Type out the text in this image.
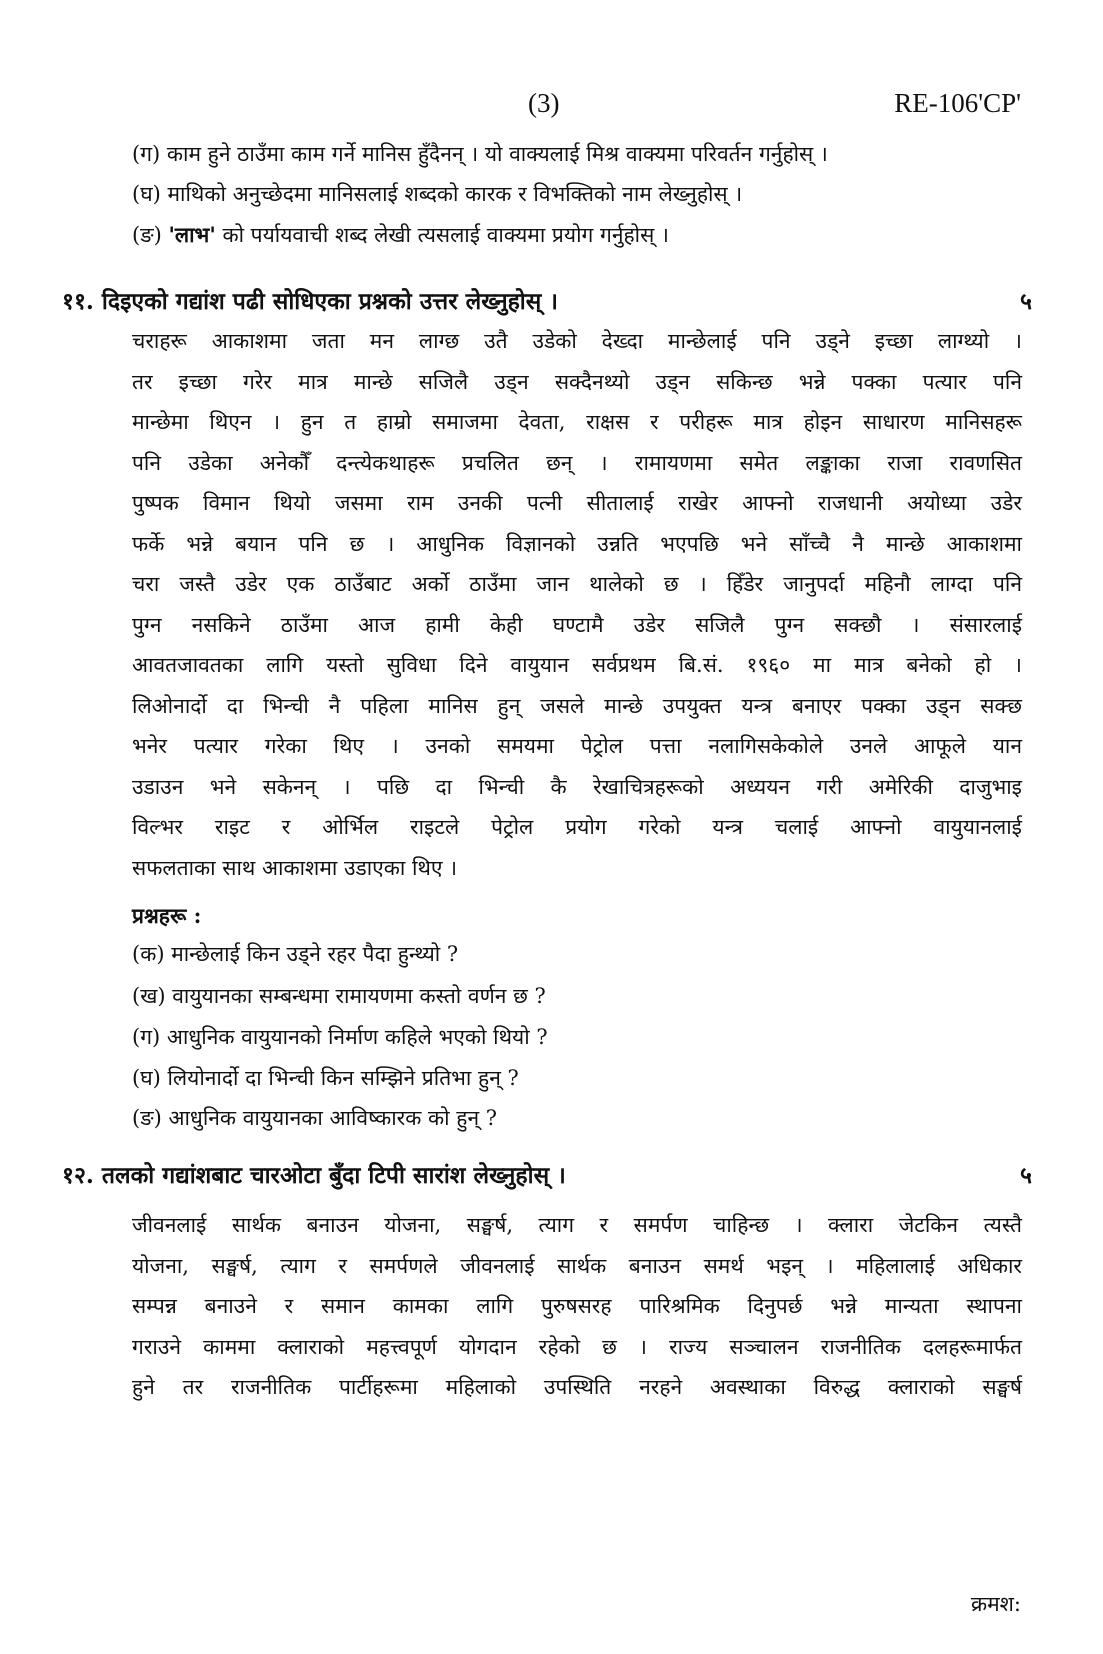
(3)	RE-106'CP'
(ग) काम हुने ठाउँमा काम गर्ने मानिस हुँदैनन् । यो वाक्यलाई मिश्र वाक्यमा परिवर्तन गर्नुहोस् ।
(घ) माथिको अनुच्छेदमा मानिसलाई शब्दको कारक र विभक्तिको नाम लेख्नुहोस् ।
(ङ) 'लाभ' को पर्यायवाची शब्द लेखी त्यसलाई वाक्यमा प्रयोग गर्नुहोस् ।
११. दिइएको गद्यांश पढी सोधिएका प्रश्नको उत्तर लेख्नुहोस् ।	५
चराहरू आकाशमा जता मन लाग्छ उतै उडेको देख्दा मान्छेलाई पनि उड्ने इच्छा लाग्थ्यो ।
तर इच्छा गरेर मात्र मान्छे सजिलै उड्न सक्दैनथ्यो उड्न सकिन्छ भन्ने पक्का पत्यार पनि
मान्छेमा थिएन । हुन त हाम्रो समाजमा देवता, राक्षस र परीहरू मात्र होइन साधारण मानिसहरू
पनि उडेका अनेकौँ दन्त्येकथाहरू प्रचलित छन् । रामायणमा समेत लङ्काका राजा रावणसित
पुष्पक विमान थियो जसमा राम उनकी पत्नी सीतालाई राखेर आफ्नो राजधानी अयोध्या उडेर
फर्के भन्ने बयान पनि छ । आधुनिक विज्ञानको उन्नति भएपछि भने साँच्चै नै मान्छे आकाशमा
चरा जस्तै उडेर एक ठाउँबाट अर्को ठाउँमा जान थालेको छ । हिँडेर जानुपर्दा महिनौ लाग्दा पनि
पुग्न नसकिने ठाउँमा आज हामी केही घण्टामै उडेर सजिलै पुग्न सक्छौ । संसारलाई
आवतजावतका लागि यस्तो सुविधा दिने वायुयान सर्वप्रथम बि.सं. १९६० मा मात्र बनेको हो ।
लिओनार्दो दा भिन्ची नै पहिला मानिस हुन् जसले मान्छे उपयुक्त यन्त्र बनाएर पक्का उड्न सक्छ
भनेर पत्यार गरेका थिए । उनको समयमा पेट्रोल पत्ता नलागिसकेकोले उनले आफूले यान
उडाउन भने सकेनन् । पछि दा भिन्ची कै रेखाचित्रहरूको अध्ययन गरी अमेरिकी दाजुभाइ
विल्भर राइट र ओर्भिल राइटले पेट्रोल प्रयोग गरेको यन्त्र चलाई आफ्नो वायुयानलाई
सफलताका साथ आकाशमा उडाएका थिए ।
प्रश्नहरू :
(क) मान्छेलाई किन उड्ने रहर पैदा हुन्थ्यो ?
(ख) वायुयानका सम्बन्धमा रामायणमा कस्तो वर्णन छ ?
(ग) आधुनिक वायुयानको निर्माण कहिले भएको थियो ?
(घ) लियोनार्दो दा भिन्ची किन सम्झिने प्रतिभा हुन् ?
(ङ) आधुनिक वायुयानका आविष्कारक को हुन् ?
१२. तलको गद्यांशबाट चारओटा बुँदा टिपी सारांश लेख्नुहोस् ।	५
जीवनलाई सार्थक बनाउन योजना, सङ्घर्ष, त्याग र समर्पण चाहिन्छ । क्लारा जेटकिन त्यस्तै
योजना, सङ्घर्ष, त्याग र समर्पणले जीवनलाई सार्थक बनाउन समर्थ भइन् । महिलालाई अधिकार
सम्पन्न बनाउने र समान कामका लागि पुरुषसरह पारिश्रमिक दिनुपर्छ भन्ने मान्यता स्थापना
गराउने काममा क्लाराको महत्त्वपूर्ण योगदान रहेको छ । राज्य सञ्चालन राजनीतिक दलहरूमार्फत
हुने तर राजनीतिक पार्टीहरूमा महिलाको उपस्थिति नरहने अवस्थाका विरुद्ध क्लाराको सङ्घर्ष
क्रमश:
